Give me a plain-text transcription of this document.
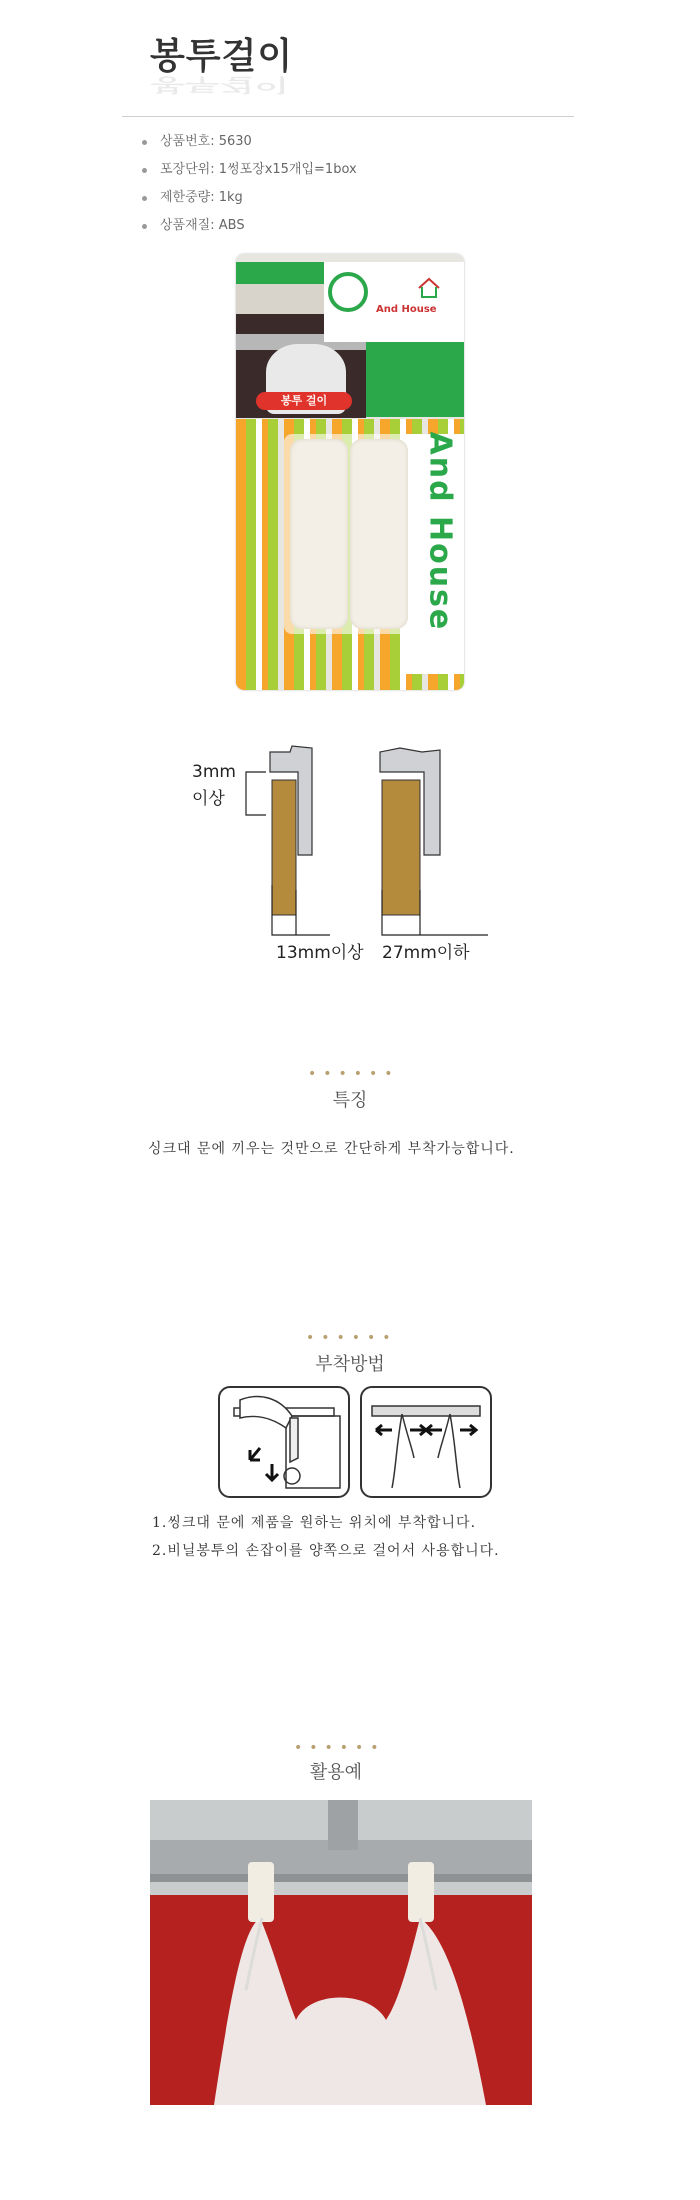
봉투걸이
봉투걸이
상품번호: 5630
포장단위: 1썽포장x15개입=1box
제한중량: 1kg
상품재질: ABS
And House
봉투 걸이
And House
3mm
이상
13mm이상 27mm이하
••••••
특징
싱크대 문에 끼우는 것만으로 간단하게 부착가능합니다.
••••••
부착방법
1.씽크대 문에 제품을 원하는 위치에 부착합니다.
2.비닐봉투의 손잡이를 양쪽으로 걸어서 사용합니다.
••••••
활용예
